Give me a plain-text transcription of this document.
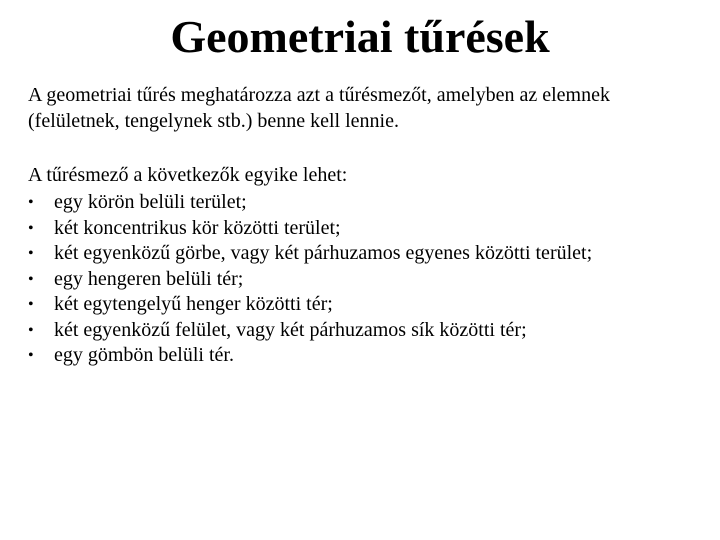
Geometriai tűrések

A geometriai tűrés meghatározza azt a tűrésmezőt, amelyben az elemnek (felületnek, tengelynek stb.) benne kell lennie.

A tűrésmező a következők egyike lehet:

•	egy körön belüli terület;
•	két koncentrikus kör közötti terület;
•	két egyenközű görbe, vagy két párhuzamos egyenes közötti terület;
•	egy hengeren belüli tér;
•	két egytengelyű henger közötti tér;
•	két egyenközű felület, vagy két párhuzamos sík közötti tér;
•	egy gömbön belüli tér.
